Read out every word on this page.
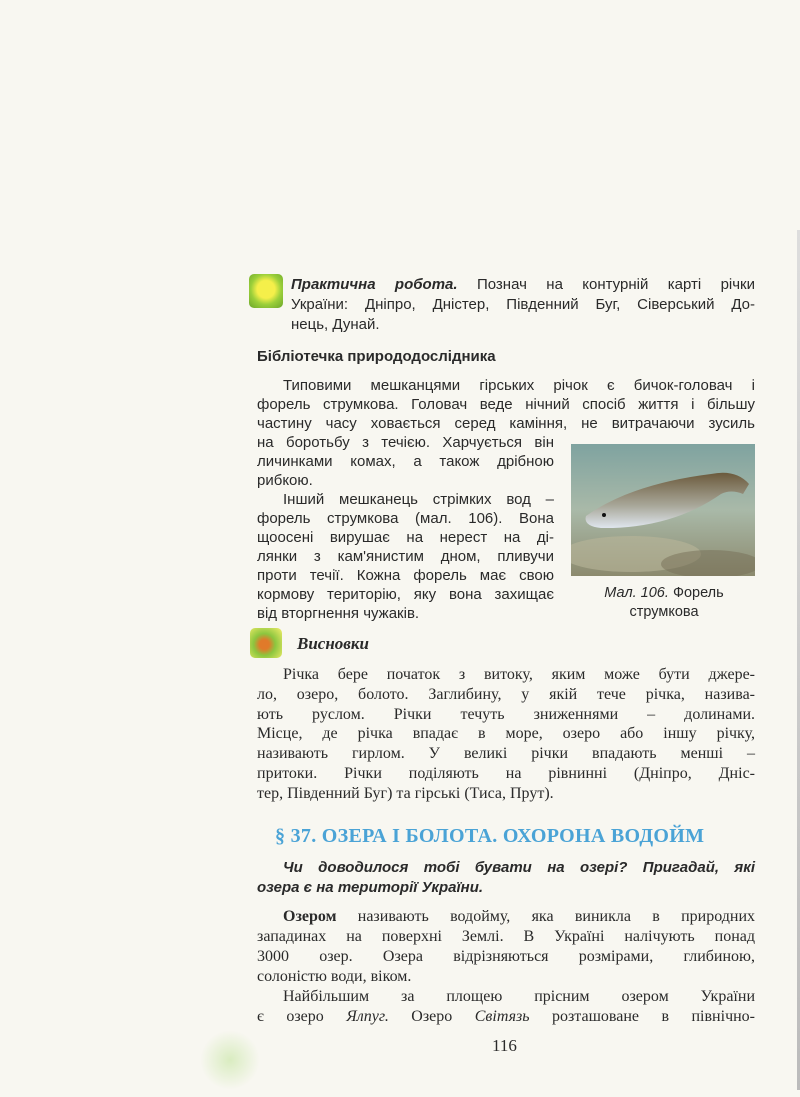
Практична робота. Познач на контурній карті річки
України: Дніпро, Дністер, Південний Буг, Сіверський До-
нець, Дунай.
Бібліотечка природодослідника
Типовими мешканцями гірських річок є бичок-головач і
форель струмкова. Головач веде нічний спосіб життя і більшу
частину часу ховається серед каміння, не витрачаючи зусиль
на боротьбу з течією. Харчується він
личинками комах, а також дрібною
рибкою.
Інший мешканець стрімких вод –
форель струмкова (мал. 106). Вона
щоосені вирушає на нерест на ді-
лянки з кам'янистим дном, пливучи
проти течії. Кожна форель має свою
кормову територію, яку вона захищає
від вторгнення чужаків.
Мал. 106. Форель
струмкова
Висновки
Річка бере початок з витоку, яким може бути джере-
ло, озеро, болото. Заглибину, у якій тече річка, назива-
ють руслом. Річки течуть зниженнями – долинами.
Місце, де річка впадає в море, озеро або іншу річку,
називають гирлом. У великі річки впадають менші –
притоки. Річки поділяють на рівнинні (Дніпро, Дніс-
тер, Південний Буг) та гірські (Тиса, Прут).
§ 37. ОЗЕРА І БОЛОТА. ОХОРОНА ВОДОЙМ
Чи доводилося тобі бувати на озері? Пригадай, які
озера є на території України.
Озером називають водойму, яка виникла в природних
западинах на поверхні Землі. В Україні налічують понад
3000 озер. Озера відрізняються розмірами, глибиною,
солоністю води, віком.
Найбільшим за площею прісним озером України
є озеро Ялпуг. Озеро Світязь розташоване в північно-
116
